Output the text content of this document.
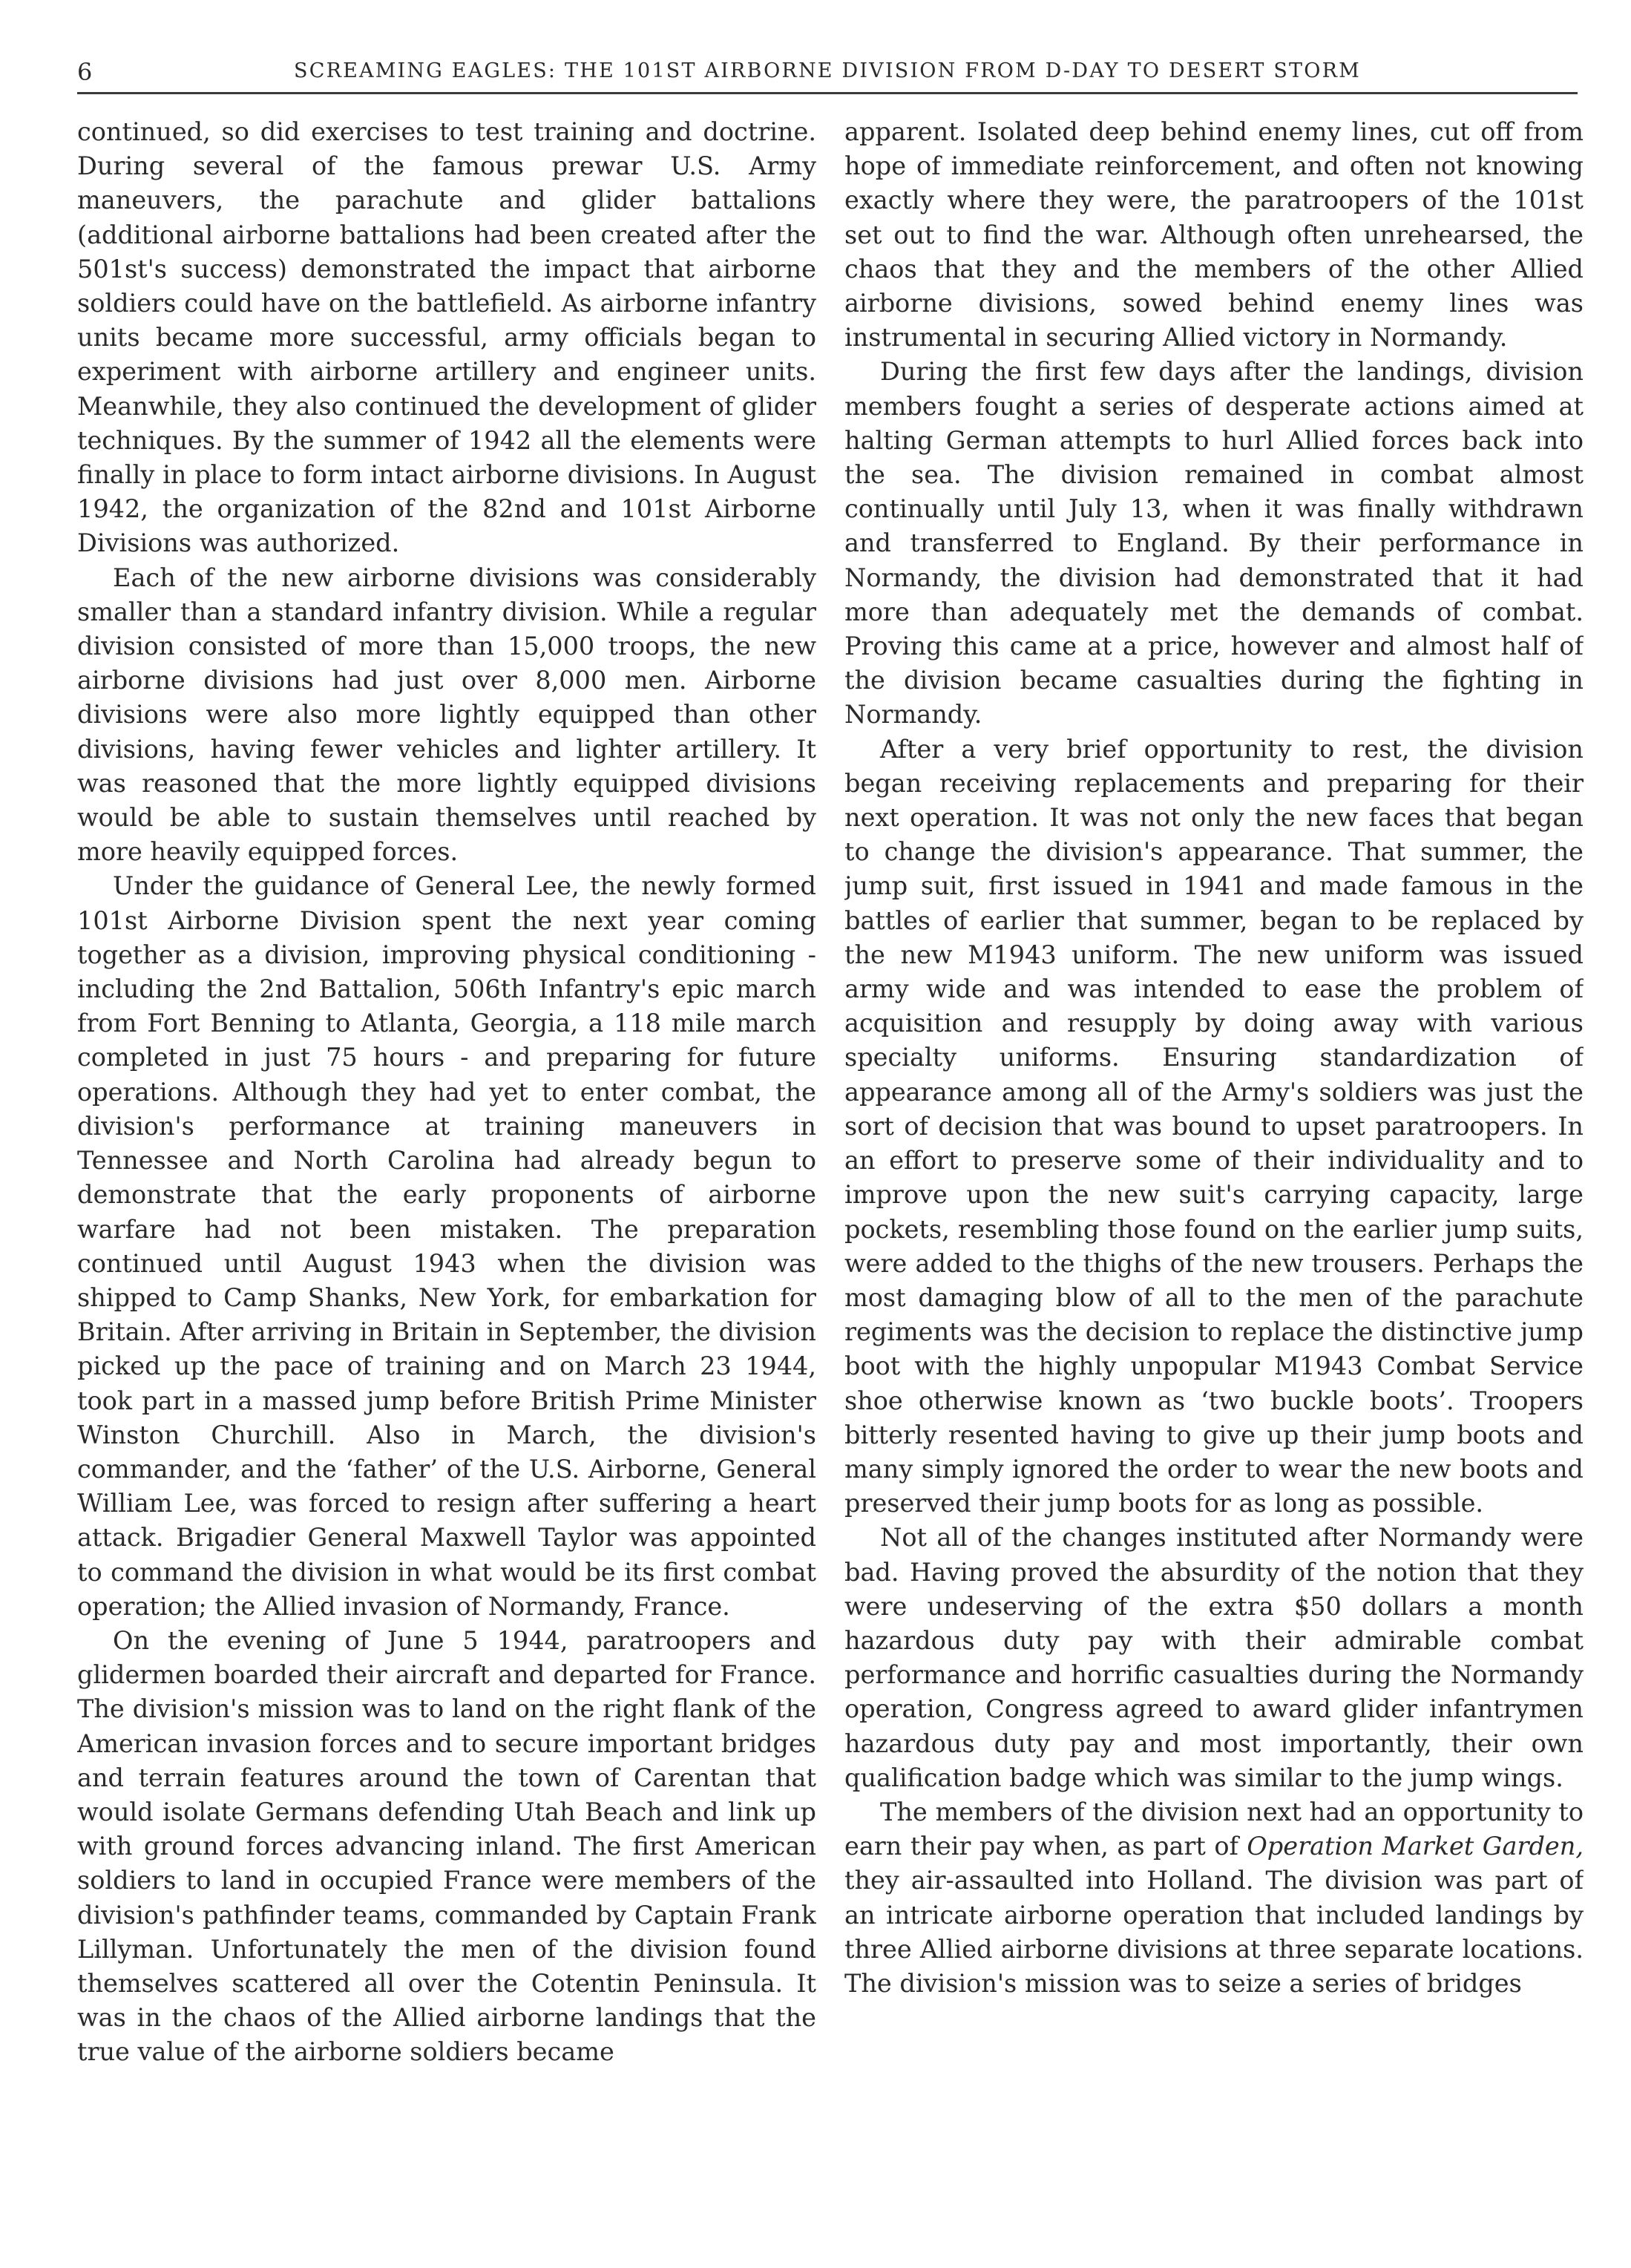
6	SCREAMING EAGLES: THE 101ST AIRBORNE DIVISION FROM D-DAY TO DESERT STORM

continued, so did exercises to test training and doctrine. During several of the famous prewar U.S. Army maneuvers, the parachute and glider battalions (additional airborne battalions had been created after the 501st's success) demonstrated the impact that airborne soldiers could have on the battlefield. As airborne infantry units became more successful, army officials began to experiment with airborne artillery and engineer units. Meanwhile, they also continued the development of glider techniques. By the summer of 1942 all the elements were finally in place to form intact airborne divisions. In August 1942, the organization of the 82nd and 101st Airborne Divisions was authorized.

Each of the new airborne divisions was considerably smaller than a standard infantry division. While a regular division consisted of more than 15,000 troops, the new airborne divisions had just over 8,000 men. Airborne divisions were also more lightly equipped than other divisions, having fewer vehicles and lighter artillery. It was reasoned that the more lightly equipped divisions would be able to sustain themselves until reached by more heavily equipped forces.

Under the guidance of General Lee, the newly formed 101st Airborne Division spent the next year coming together as a division, improving physical conditioning - including the 2nd Battalion, 506th Infantry's epic march from Fort Benning to Atlanta, Georgia, a 118 mile march completed in just 75 hours - and preparing for future operations. Although they had yet to enter combat, the division's performance at training maneuvers in Tennessee and North Carolina had already begun to demonstrate that the early proponents of airborne warfare had not been mistaken. The preparation continued until August 1943 when the division was shipped to Camp Shanks, New York, for embarkation for Britain. After arriving in Britain in September, the division picked up the pace of training and on March 23 1944, took part in a massed jump before British Prime Minister Winston Churchill. Also in March, the division's commander, and the ‘father’ of the U.S. Airborne, General William Lee, was forced to resign after suffering a heart attack. Brigadier General Maxwell Taylor was appointed to command the division in what would be its first combat operation; the Allied invasion of Normandy, France.

On the evening of June 5 1944, paratroopers and glidermen boarded their aircraft and departed for France. The division's mission was to land on the right flank of the American invasion forces and to secure important bridges and terrain features around the town of Carentan that would isolate Germans defending Utah Beach and link up with ground forces advancing inland. The first American soldiers to land in occupied France were members of the division's pathfinder teams, commanded by Captain Frank Lillyman. Unfortunately the men of the division found themselves scattered all over the Cotentin Peninsula. It was in the chaos of the Allied airborne landings that the true value of the airborne soldiers became

apparent. Isolated deep behind enemy lines, cut off from hope of immediate reinforcement, and often not knowing exactly where they were, the paratroopers of the 101st set out to find the war. Although often unrehearsed, the chaos that they and the members of the other Allied airborne divisions, sowed behind enemy lines was instrumental in securing Allied victory in Normandy.

During the first few days after the landings, division members fought a series of desperate actions aimed at halting German attempts to hurl Allied forces back into the sea. The division remained in combat almost continually until July 13, when it was finally withdrawn and transferred to England. By their performance in Normandy, the division had demonstrated that it had more than adequately met the demands of combat. Proving this came at a price, however and almost half of the division became casualties during the fighting in Normandy.

After a very brief opportunity to rest, the division began receiving replacements and preparing for their next operation. It was not only the new faces that began to change the division's appearance. That summer, the jump suit, first issued in 1941 and made famous in the battles of earlier that summer, began to be replaced by the new M1943 uniform. The new uniform was issued army wide and was intended to ease the problem of acquisition and resupply by doing away with various specialty uniforms. Ensuring standardization of appearance among all of the Army's soldiers was just the sort of decision that was bound to upset paratroopers. In an effort to preserve some of their individuality and to improve upon the new suit's carrying capacity, large pockets, resembling those found on the earlier jump suits, were added to the thighs of the new trousers. Perhaps the most damaging blow of all to the men of the parachute regiments was the decision to replace the distinctive jump boot with the highly unpopular M1943 Combat Service shoe otherwise known as ‘two buckle boots’. Troopers bitterly resented having to give up their jump boots and many simply ignored the order to wear the new boots and preserved their jump boots for as long as possible.

Not all of the changes instituted after Normandy were bad. Having proved the absurdity of the notion that they were undeserving of the extra $50 dollars a month hazardous duty pay with their admirable combat performance and horrific casualties during the Normandy operation, Congress agreed to award glider infantrymen hazardous duty pay and most importantly, their own qualification badge which was similar to the jump wings.

The members of the division next had an opportunity to earn their pay when, as part of Operation Market Garden, they air-assaulted into Holland. The division was part of an intricate airborne operation that included landings by three Allied airborne divisions at three separate locations. The division's mission was to seize a series of bridges
